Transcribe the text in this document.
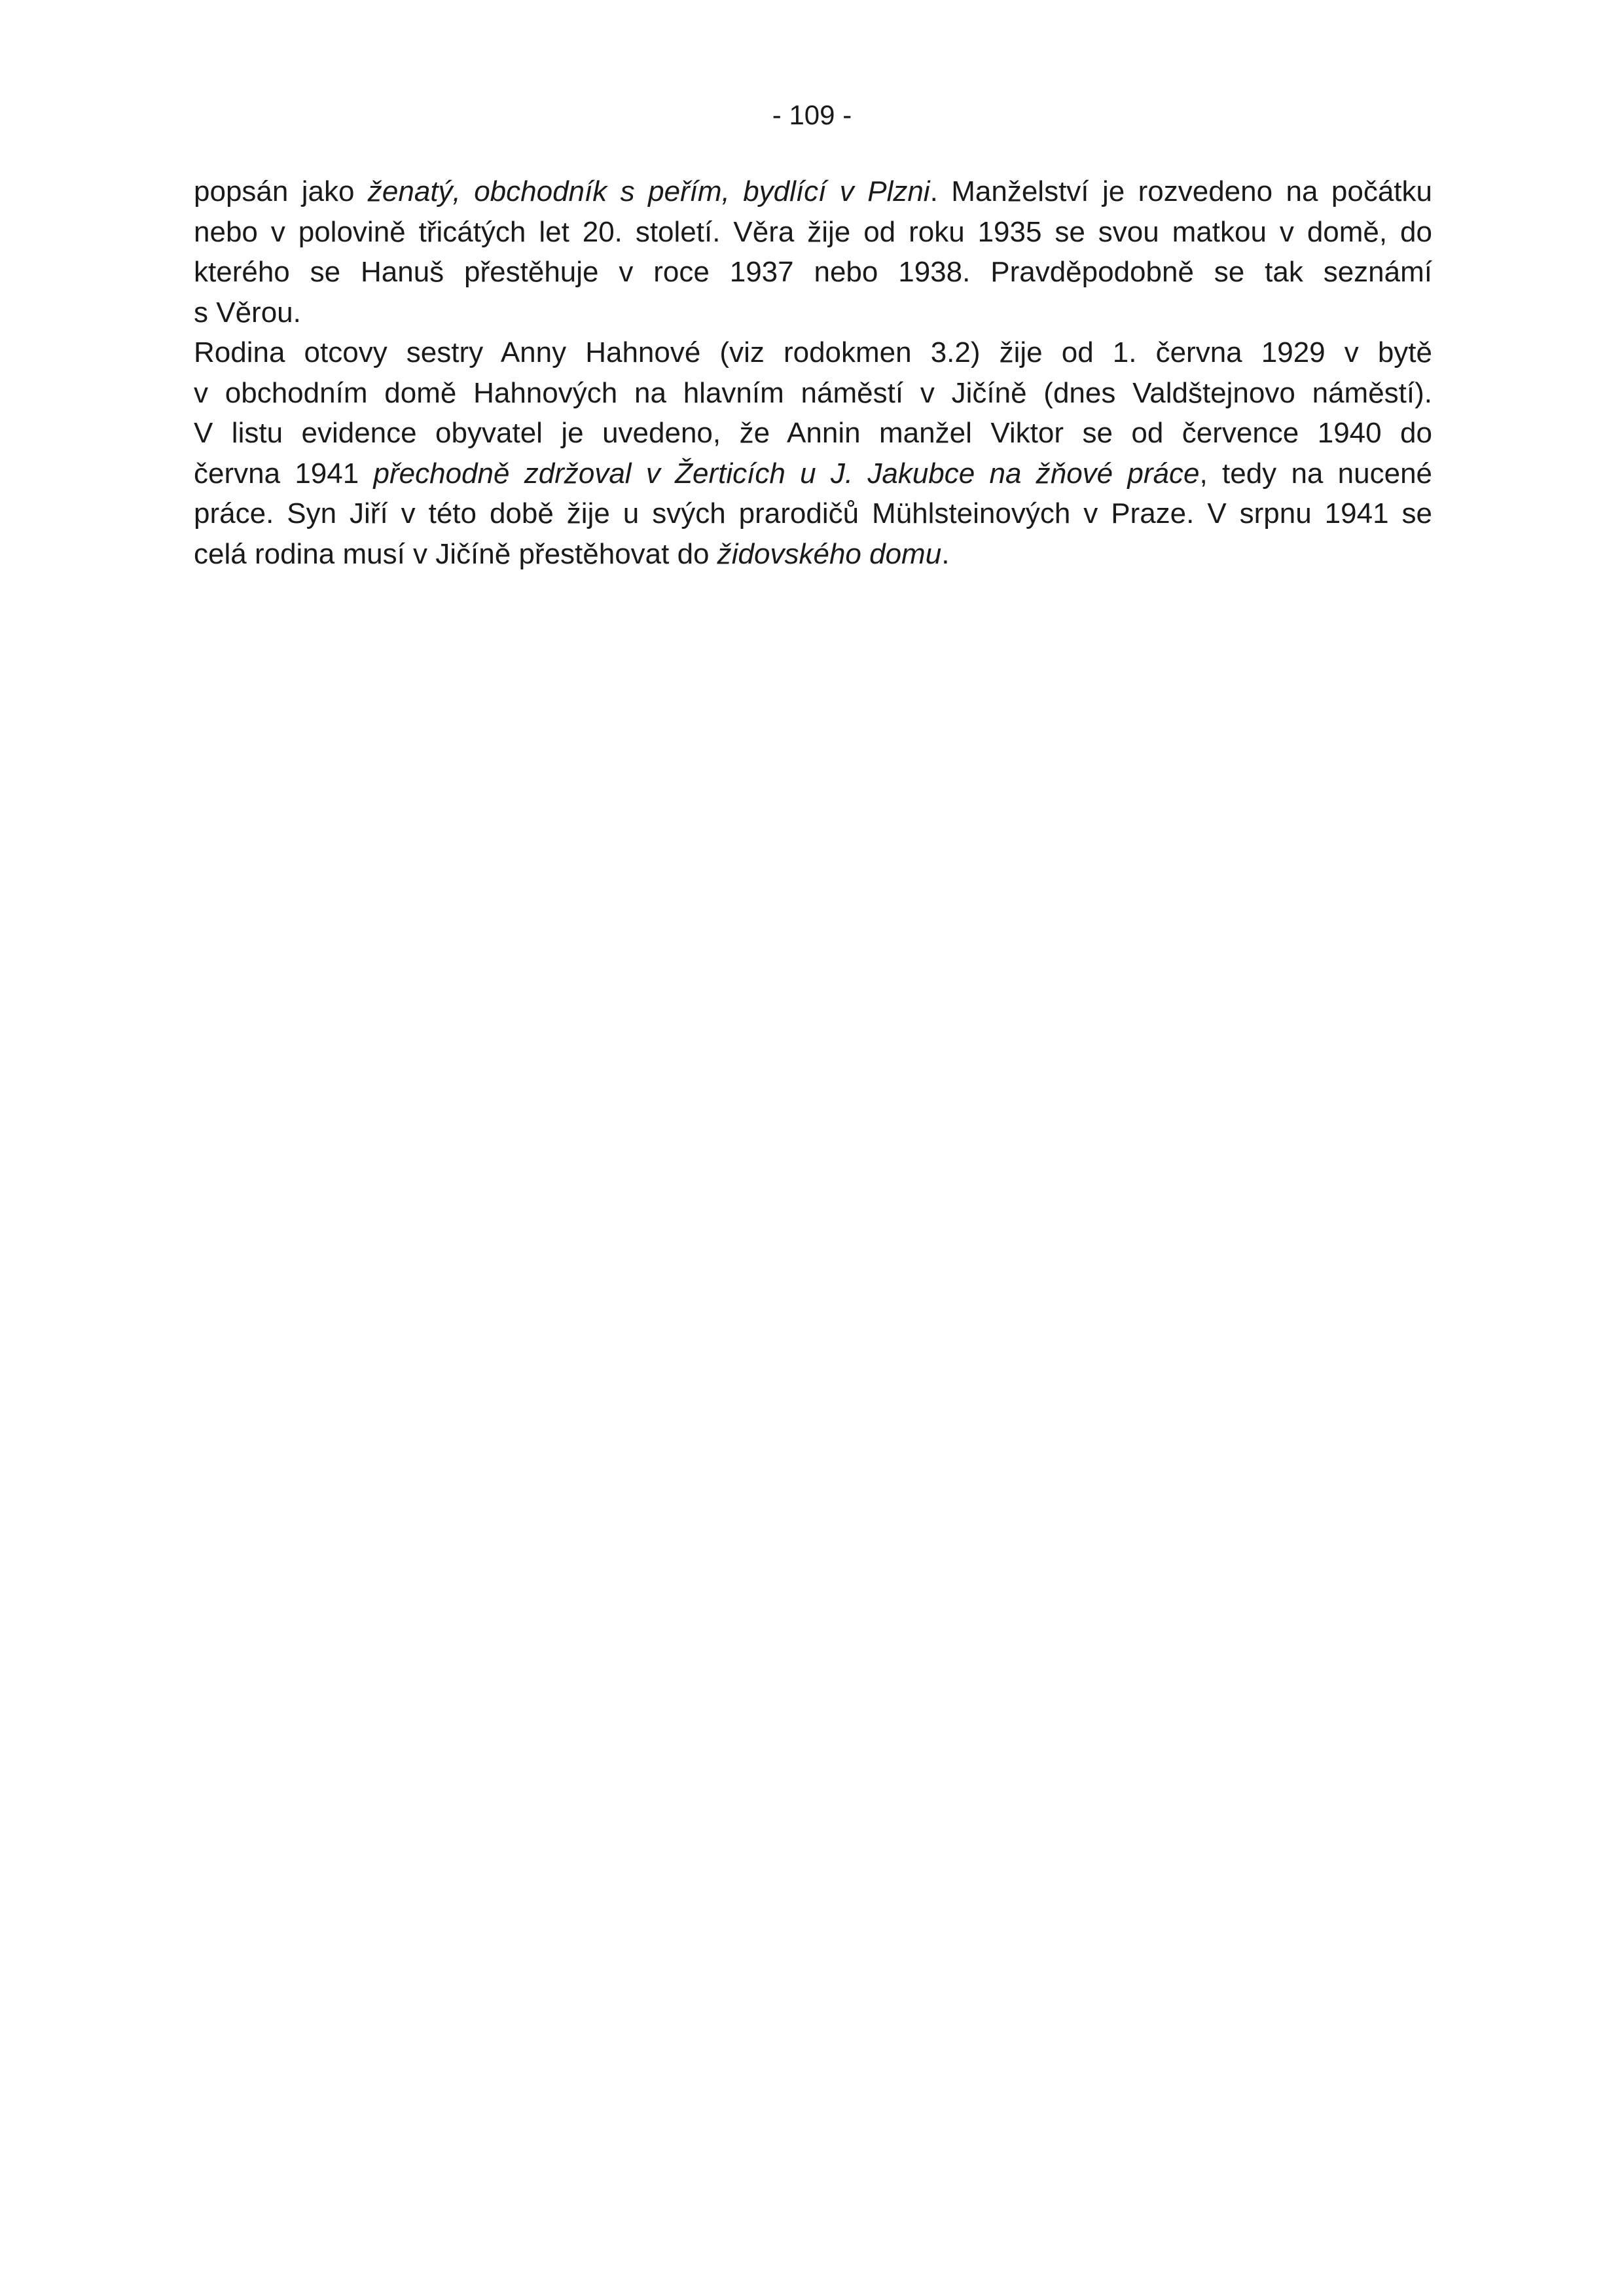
- 109 -
popsán jako ženatý, obchodník s peřím, bydlící v Plzni. Manželství je rozvedeno na počátku
nebo v polovině třicátých let 20. století. Věra žije od roku 1935 se svou matkou v domě, do
kterého se Hanuš přestěhuje v roce 1937 nebo 1938. Pravděpodobně se tak seznámí
s Věrou.
Rodina otcovy sestry Anny Hahnové (viz rodokmen 3.2) žije od 1. června 1929 v bytě
v obchodním domě Hahnových na hlavním náměstí v Jičíně (dnes Valdštejnovo náměstí).
V listu evidence obyvatel je uvedeno, že Annin manžel Viktor se od července 1940 do
června 1941 přechodně zdržoval v Žerticích u J. Jakubce na žňové práce, tedy na nucené
práce. Syn Jiří v této době žije u svých prarodičů Mühlsteinových v Praze. V srpnu 1941 se
celá rodina musí v Jičíně přestěhovat do židovského domu.
